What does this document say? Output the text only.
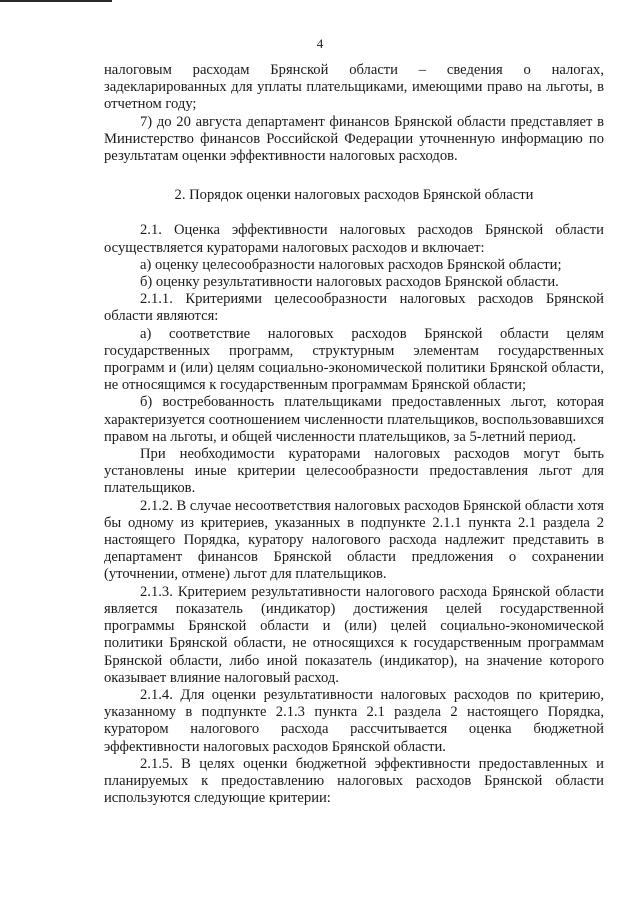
4

налоговым расходам Брянской области – сведения о налогах, задекларированных для уплаты плательщиками, имеющими право на льготы, в отчетном году;

7) до 20 августа департамент финансов Брянской области представляет в Министерство финансов Российской Федерации уточненную информацию по результатам оценки эффективности налоговых расходов.

2. Порядок оценки налоговых расходов Брянской области

2.1. Оценка эффективности налоговых расходов Брянской области осуществляется кураторами налоговых расходов и включает:

а) оценку целесообразности налоговых расходов Брянской области;

б) оценку результативности налоговых расходов Брянской области.

2.1.1. Критериями целесообразности налоговых расходов Брянской области являются:

а) соответствие налоговых расходов Брянской области целям государственных программ, структурным элементам государственных программ и (или) целям социально-экономической политики Брянской области, не относящимся к государственным программам Брянской области;

б) востребованность плательщиками предоставленных льгот, которая характеризуется соотношением численности плательщиков, воспользовавшихся правом на льготы, и общей численности плательщиков, за 5-летний период.

При необходимости кураторами налоговых расходов могут быть установлены иные критерии целесообразности предоставления льгот для плательщиков.

2.1.2. В случае несоответствия налоговых расходов Брянской области хотя бы одному из критериев, указанных в подпункте 2.1.1 пункта 2.1 раздела 2 настоящего Порядка, куратору налогового расхода надлежит представить в департамент финансов Брянской области предложения о сохранении (уточнении, отмене) льгот для плательщиков.

2.1.3. Критерием результативности налогового расхода Брянской области является показатель (индикатор) достижения целей государственной программы Брянской области и (или) целей социально-экономической политики Брянской области, не относящихся к государственным программам Брянской области, либо иной показатель (индикатор), на значение которого оказывает влияние налоговый расход.

2.1.4. Для оценки результативности налоговых расходов по критерию, указанному в подпункте 2.1.3 пункта 2.1 раздела 2 настоящего Порядка, куратором налогового расхода рассчитывается оценка бюджетной эффективности налоговых расходов Брянской области.

2.1.5. В целях оценки бюджетной эффективности предоставленных и планируемых к предоставлению налоговых расходов Брянской области используются следующие критерии:
